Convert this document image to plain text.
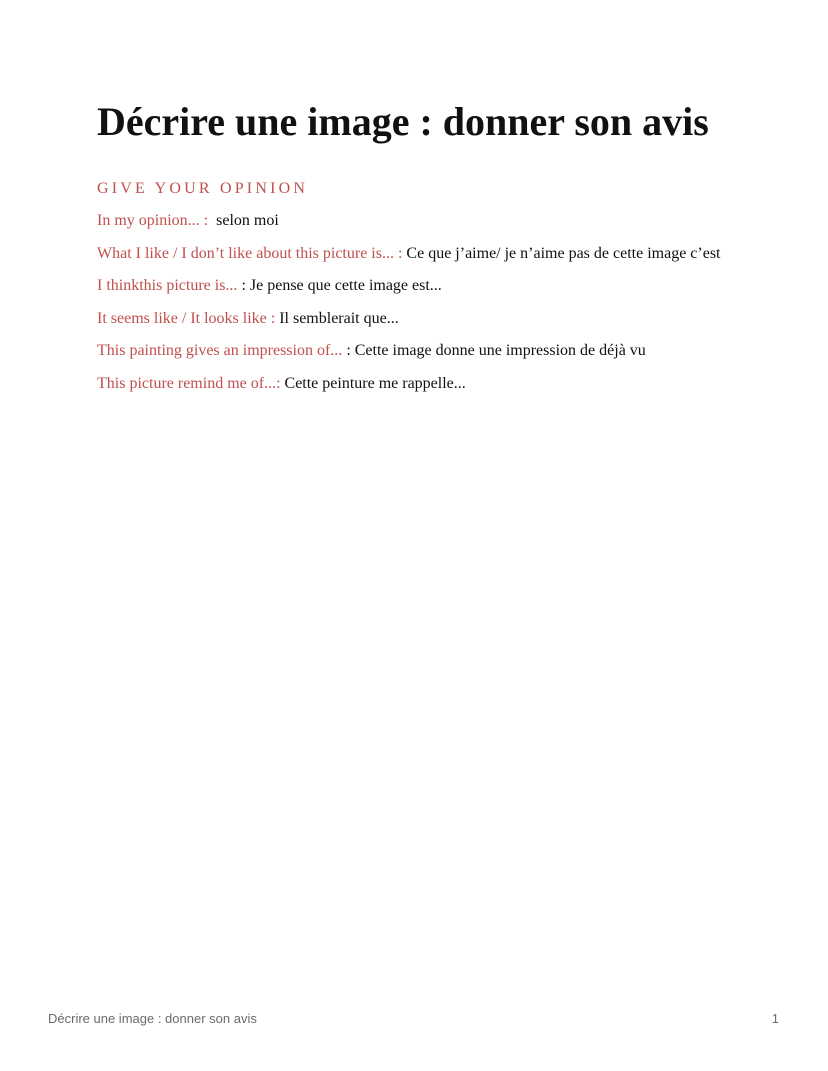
Décrire une image : donner son avis
GIVE YOUR OPINION
In my opinion... :  selon moi
What I like / I don’t like about this picture is... : Ce que j’aime/ je n’aime pas de cette image c’est
I thinkthis picture is... : Je pense que cette image est...
It seems like / It looks like : Il semblerait que...
This painting gives an impression of... : Cette image donne une impression de déjà vu
This picture remind me of...: Cette peinture me rappelle...
Décrire une image : donner son avis	1
